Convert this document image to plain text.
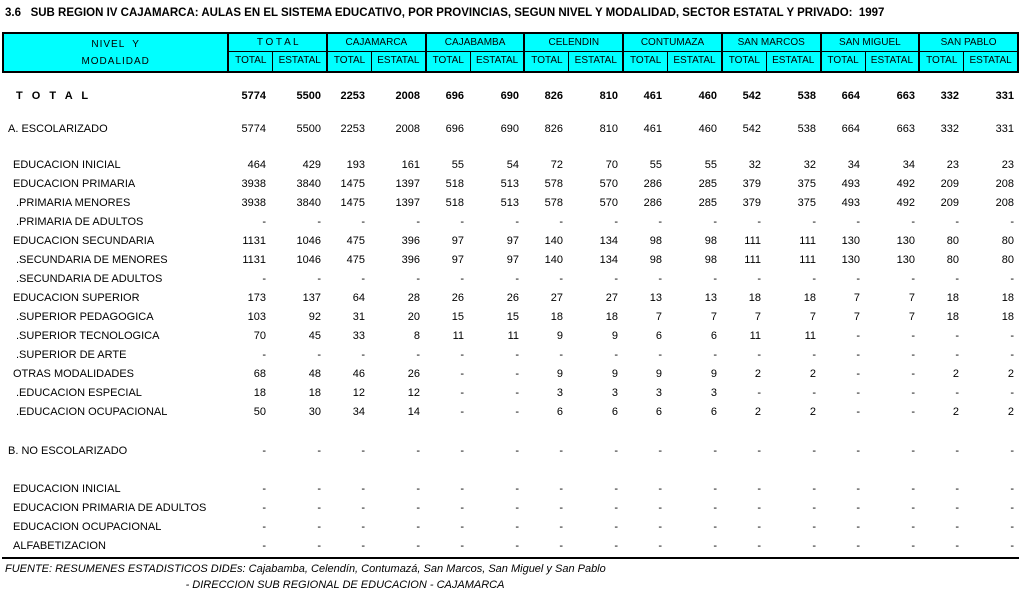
3.6   SUB REGION IV CAJAMARCA: AULAS EN EL SISTEMA EDUCATIVO, POR PROVINCIAS, SEGUN NIVEL Y MODALIDAD, SECTOR ESTATAL Y PRIVADO:  1997
NIVEL  Y
MODALIDAD
T O T A L
TOTAL	ESTATAL
CAJAMARCA
TOTAL	ESTATAL
CAJABAMBA
TOTAL	ESTATAL
CELENDIN
TOTAL	ESTATAL
CONTUMAZA
TOTAL	ESTATAL
SAN MARCOS
TOTAL	ESTATAL
SAN MIGUEL
TOTAL	ESTATAL
SAN PABLO
TOTAL	ESTATAL
T O T A L	5774	5500	2253	2008	696	690	826	810	461	460	542	538	664	663	332	331
A. ESCOLARIZADO	5774	5500	2253	2008	696	690	826	810	461	460	542	538	664	663	332	331
EDUCACION INICIAL	464	429	193	161	55	54	72	70	55	55	32	32	34	34	23	23
EDUCACION PRIMARIA	3938	3840	1475	1397	518	513	578	570	286	285	379	375	493	492	209	208
.PRIMARIA MENORES	3938	3840	1475	1397	518	513	578	570	286	285	379	375	493	492	209	208
.PRIMARIA DE ADULTOS	-	-	-	-	-	-	-	-	-	-	-	-	-	-	-	-
EDUCACION SECUNDARIA	1131	1046	475	396	97	97	140	134	98	98	111	111	130	130	80	80
.SECUNDARIA DE MENORES	1131	1046	475	396	97	97	140	134	98	98	111	111	130	130	80	80
.SECUNDARIA DE ADULTOS	-	-	-	-	-	-	-	-	-	-	-	-	-	-	-	-
EDUCACION SUPERIOR	173	137	64	28	26	26	27	27	13	13	18	18	7	7	18	18
.SUPERIOR PEDAGOGICA	103	92	31	20	15	15	18	18	7	7	7	7	7	7	18	18
.SUPERIOR TECNOLOGICA	70	45	33	8	11	11	9	9	6	6	11	11	-	-	-	-
.SUPERIOR DE ARTE	-	-	-	-	-	-	-	-	-	-	-	-	-	-	-	-
OTRAS MODALIDADES	68	48	46	26	-	-	9	9	9	9	2	2	-	-	2	2
.EDUCACION ESPECIAL	18	18	12	12	-	-	3	3	3	3	-	-	-	-	-	-
.EDUCACION OCUPACIONAL	50	30	34	14	-	-	6	6	6	6	2	2	-	-	2	2
B. NO ESCOLARIZADO	-	-	-	-	-	-	-	-	-	-	-	-	-	-	-	-
EDUCACION INICIAL	-	-	-	-	-	-	-	-	-	-	-	-	-	-	-	-
EDUCACION PRIMARIA DE ADULTOS	-	-	-	-	-	-	-	-	-	-	-	-	-	-	-	-
EDUCACION OCUPACIONAL	-	-	-	-	-	-	-	-	-	-	-	-	-	-	-	-
ALFABETIZACION	-	-	-	-	-	-	-	-	-	-	-	-	-	-	-	-
FUENTE: RESUMENES ESTADISTICOS DIDEs: Cajabamba, Celendín, Contumazá, San Marcos, San Miguel y San Pablo
- DIRECCION SUB REGIONAL DE EDUCACION - CAJAMARCA
